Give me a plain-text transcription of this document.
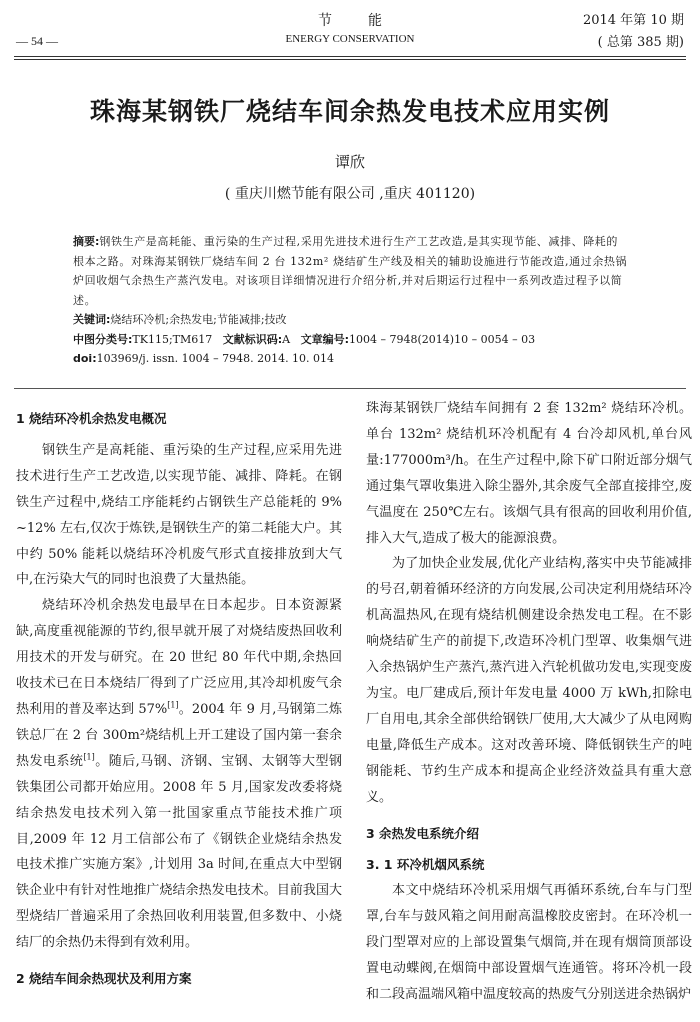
节能
ENERGY CONSERVATION
— 54 —
2014 年第 10 期
( 总第 385 期)
珠海某钢铁厂烧结车间余热发电技术应用实例
谭欣
( 重庆川燃节能有限公司 ,重庆 401120)

摘要:钢铁生产是高耗能、重污染的生产过程,采用先进技术进行生产工艺改造,是其实现节能、减排、降耗的根本之路。对珠海某钢铁厂烧结车间 2 台 132m² 烧结矿生产线及相关的辅助设施进行节能改造,通过余热锅炉回收烟气余热生产蒸汽发电。对该项目详细情况进行介绍分析,并对后期运行过程中一系列改造过程予以简述。

关键词:烧结环冷机;余热发电;节能减排;技改

中图分类号:TK115;TM617 文献标识码:A 文章编号:1004 – 7948(2014)10 – 0054 – 03

doi:103969/j. issn. 1004 – 7948. 2014. 10. 014

1 烧结环冷机余热发电概况

钢铁生产是高耗能、重污染的生产过程,应采用先进技术进行生产工艺改造,以实现节能、减排、降耗。在钢铁生产过程中,烧结工序能耗约占钢铁生产总能耗的 9% ~12% 左右,仅次于炼铁,是钢铁生产的第二耗能大户。其中约 50% 能耗以烧结环冷机废气形式直接排放到大气中,在污染大气的同时也浪费了大量热能。

烧结环冷机余热发电最早在日本起步。日本资源紧缺,高度重视能源的节约,很早就开展了对烧结废热回收利用技术的开发与研究。在 20 世纪 80 年代中期,余热回收技术已在日本烧结厂得到了广泛应用,其冷却机废气余热利用的普及率达到 57%[1]。2004 年 9 月,马钢第二炼铁总厂在 2 台 300m²烧结机上开工建设了国内第一套余热发电系统[1]。随后,马钢、济钢、宝钢、太钢等大型钢铁集团公司都开始应用。2008 年 5 月,国家发改委将烧结余热发电技术列入第一批国家重点节能技术推广项目,2009 年 12 月工信部公布了《钢铁企业烧结余热发电技术推广实施方案》,计划用 3a 时间,在重点大中型钢铁企业中有针对性地推广烧结余热发电技术。目前我国大型烧结厂普遍采用了余热回收利用装置,但多数中、小烧结厂的余热仍未得到有效利用。

2 烧结车间余热现状及利用方案

珠海某钢铁厂烧结车间拥有 2 套 132m² 烧结环冷机。单台 132m² 烧结机环冷机配有 4 台冷却风机,单台风量:177000m³/h。在生产过程中,除下矿口附近部分烟气通过集气罩收集进入除尘器外,其余废气全部直接排空,废气温度在 250℃左右。该烟气具有很高的回收利用价值,排入大气,造成了极大的能源浪费。

为了加快企业发展,优化产业结构,落实中央节能减排的号召,朝着循环经济的方向发展,公司决定利用烧结环冷机高温热风,在现有烧结机侧建设余热发电工程。在不影响烧结矿生产的前提下,改造环冷机门型罩、收集烟气进入余热锅炉生产蒸汽,蒸汽进入汽轮机做功发电,实现变废为宝。电厂建成后,预计年发电量 4000 万 kWh,扣除电厂自用电,其余全部供给钢铁厂使用,大大减少了从电网购电量,降低生产成本。这对改善环境、降低钢铁生产的吨钢能耗、节约生产成本和提高企业经济效益具有重大意义。

3 余热发电系统介绍
3. 1 环冷机烟风系统

本文中烧结环冷机采用烟气再循环系统,台车与门型罩,台车与鼓风箱之间用耐高温橡胶皮密封。在环冷机一段门型罩对应的上部设置集气烟筒,并在现有烟筒顶部设置电动蝶阀,在烟筒中部设置烟气连通管。将环冷机一段和二段高温端风箱中温度较高的热废气分别送进余热锅炉
